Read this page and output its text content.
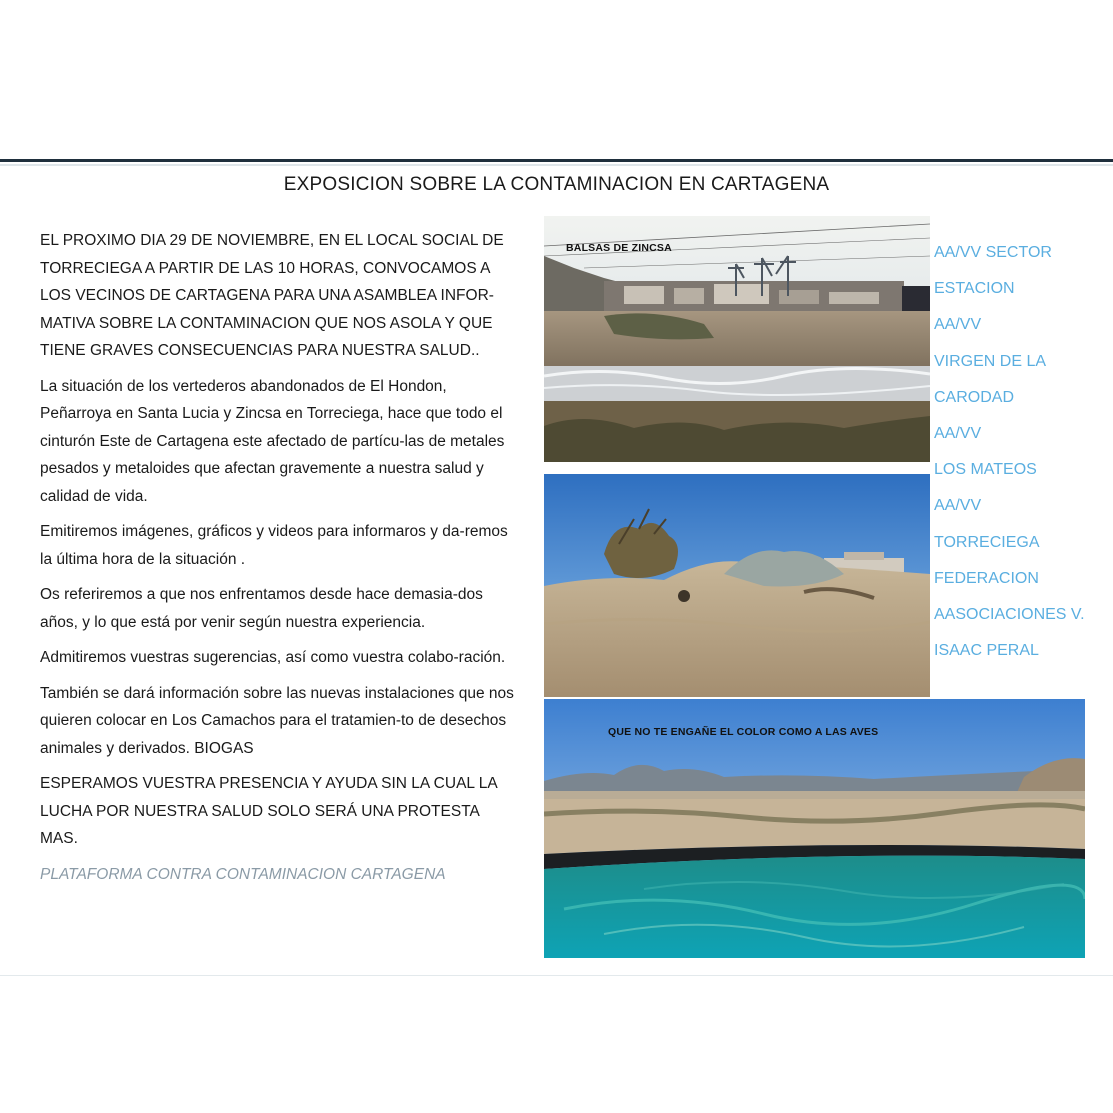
EXPOSICION SOBRE LA CONTAMINACION EN CARTAGENA

EL PROXIMO DIA 29 DE NOVIEMBRE, EN EL LOCAL SOCIAL DE TORRECIEGA A PARTIR DE LAS 10 HORAS, CONVOCAMOS A LOS VECINOS DE CARTAGENA PARA UNA ASAMBLEA INFOR-MATIVA SOBRE LA CONTAMINACION QUE NOS ASOLA Y QUE TIENE GRAVES CONSECUENCIAS PARA NUESTRA SALUD..

La situación de los vertederos abandonados de El Hondon, Peñarroya en Santa Lucia y Zincsa en Torreciega, hace que todo el cinturón Este de Cartagena este afectado de partícu-las de metales pesados y metaloides que afectan gravemente a nuestra salud y calidad de vida.

Emitiremos imágenes, gráficos y videos para informaros y da-remos la última hora de la situación .

Os referiremos a que nos enfrentamos desde hace demasia-dos años, y lo que está por venir según nuestra experiencia.

Admitiremos vuestras sugerencias, así como vuestra colabo-ración.

También se dará información sobre las nuevas instalaciones que nos quieren colocar en Los Camachos para el tratamien-to de desechos animales y derivados. BIOGAS

ESPERAMOS VUESTRA PRESENCIA Y AYUDA SIN LA CUAL LA LUCHA POR NUESTRA SALUD SOLO SERÁ UNA PROTESTA MAS.

PLATAFORMA CONTRA CONTAMINACION CARTAGENA

BALSAS DE ZINCSA
QUE NO TE ENGAÑE EL COLOR COMO A LAS AVES
AA/VV SECTOR
ESTACION
AA/VV
VIRGEN DE LA
CARODAD
AA/VV
LOS MATEOS
AA/VV
TORRECIEGA
FEDERACION
AASOCIACIONES V.
ISAAC PERAL
